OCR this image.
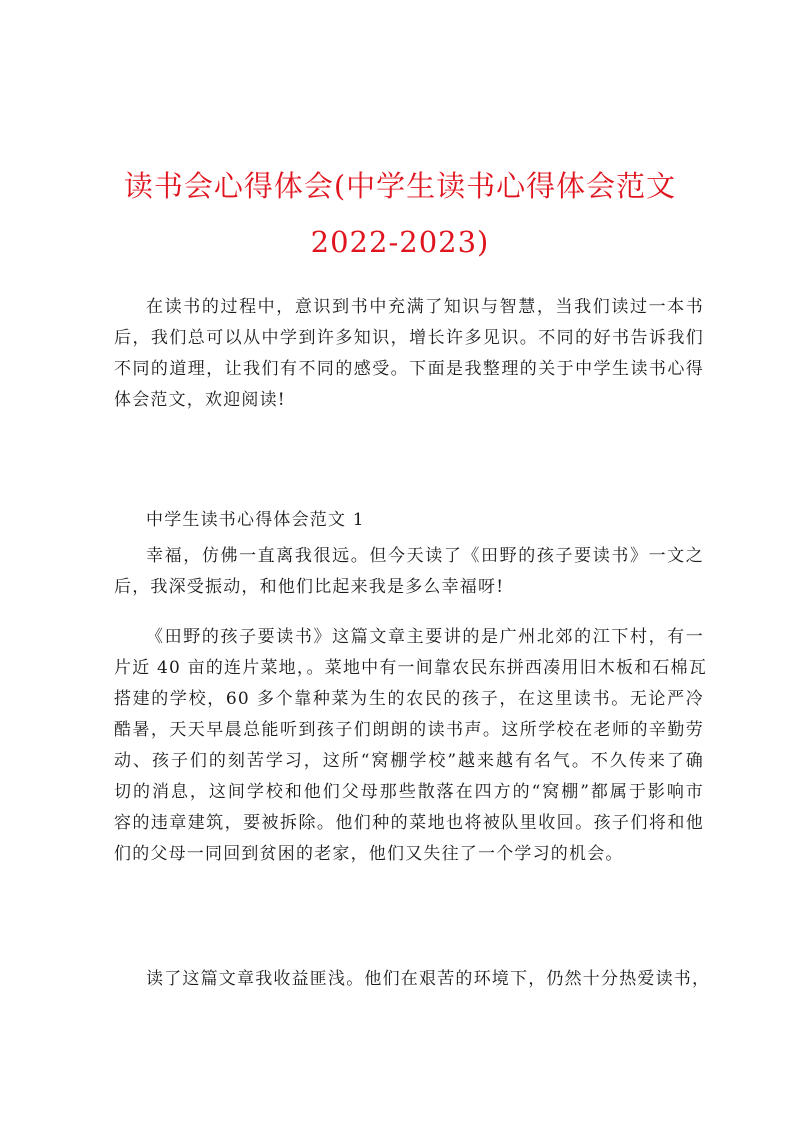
读书会心得体会(中学生读书心得体会范文
2022-2023)
在读书的过程中，意识到书中充满了知识与智慧，当我们读过一本书
后，我们总可以从中学到许多知识，增长许多见识。不同的好书告诉我们
不同的道理，让我们有不同的感受。下面是我整理的关于中学生读书心得
体会范文，欢迎阅读!
中学生读书心得体会范文 1
幸福，仿佛一直离我很远。但今天读了《田野的孩子要读书》一文之
后，我深受振动，和他们比起来我是多么幸福呀!
《田野的孩子要读书》这篇文章主要讲的是广州北郊的江下村，有一
片近 40 亩的连片菜地，。菜地中有一间靠农民东拼西凑用旧木板和石棉瓦
搭建的学校，60 多个靠种菜为生的农民的孩子，在这里读书。无论严冷
酷暑，天天早晨总能听到孩子们朗朗的读书声。这所学校在老师的辛勤劳
动、孩子们的刻苦学习，这所“窝棚学校”越来越有名气。不久传来了确
切的消息，这间学校和他们父母那些散落在四方的“窝棚”都属于影响市
容的违章建筑，要被拆除。他们种的菜地也将被队里收回。孩子们将和他
们的父母一同回到贫困的老家，他们又失往了一个学习的机会。
读了这篇文章我收益匪浅。他们在艰苦的环境下，仍然十分热爱读书，
